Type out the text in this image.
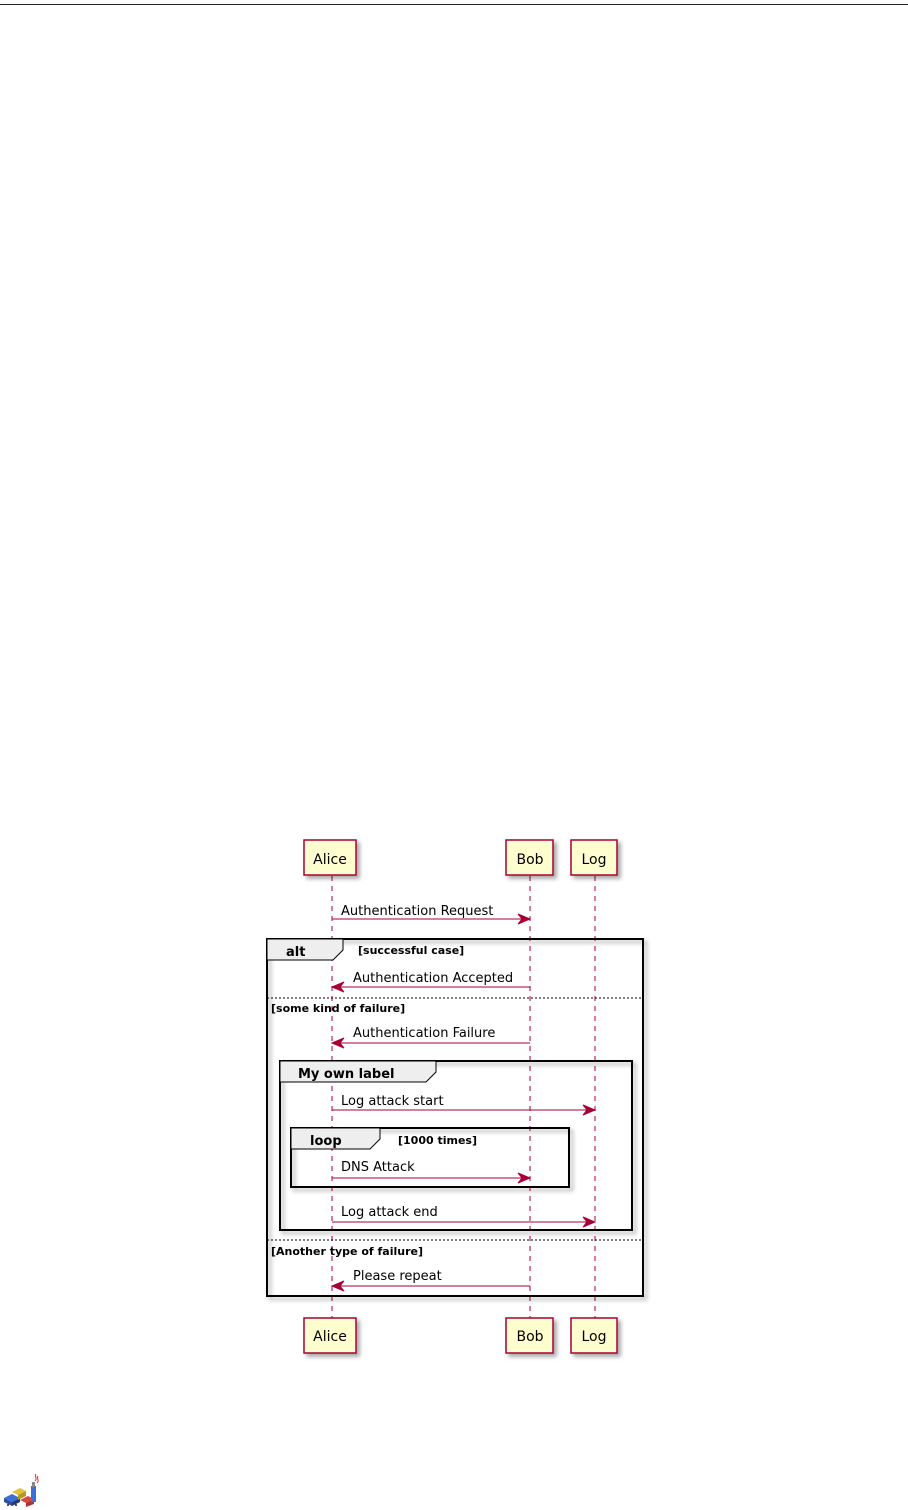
alt	[successful case]
[some kind of failure]
[Another type of failure]
My own label
loop	[1000 times]
Authentication Request
Authentication Accepted
Authentication Failure
Log attack start
DNS Attack
Log attack end
Please repeat
Alice	Bob	Log
Alice	Bob	Log
